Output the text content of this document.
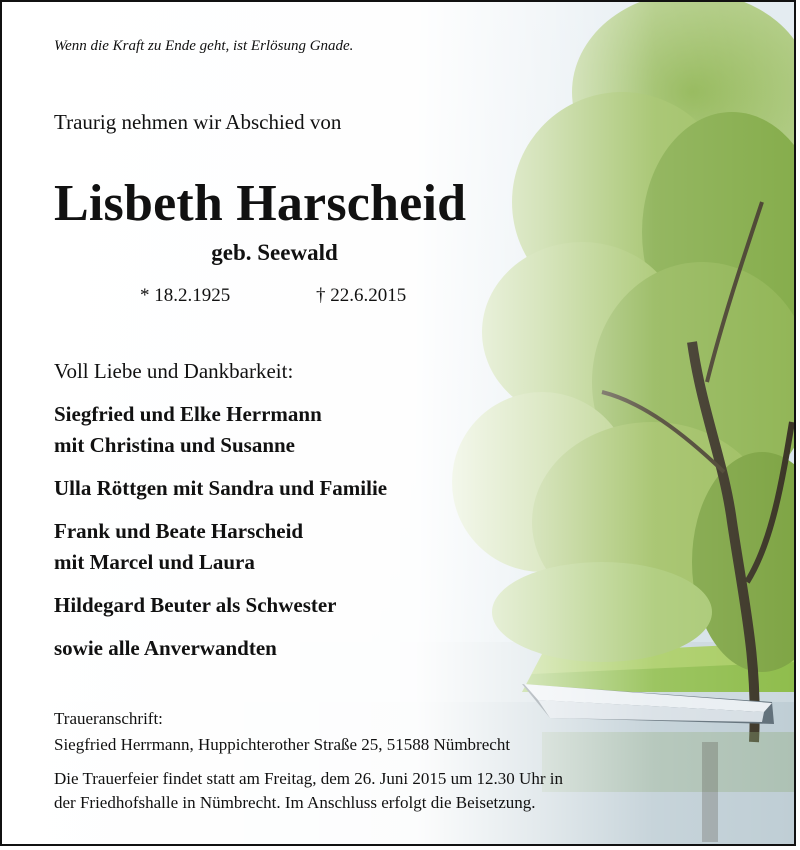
Wenn die Kraft zu Ende geht, ist Erlösung Gnade.
Traurig nehmen wir Abschied von
Lisbeth Harscheid
geb. Seewald
* 18.2.1925	† 22.6.2015
Voll Liebe und Dankbarkeit:
Siegfried und Elke Herrmann
mit Christina und Susanne
Ulla Röttgen mit Sandra und Familie
Frank und Beate Harscheid
mit Marcel und Laura
Hildegard Beuter als Schwester
sowie alle Anverwandten
Traueranschrift:
Siegfried Herrmann, Huppichterother Straße 25, 51588 Nümbrecht

Die Trauerfeier findet statt am Freitag, dem 26. Juni 2015 um 12.30 Uhr in

der Friedhofshalle in Nümbrecht. Im Anschluss erfolgt die Beisetzung.
